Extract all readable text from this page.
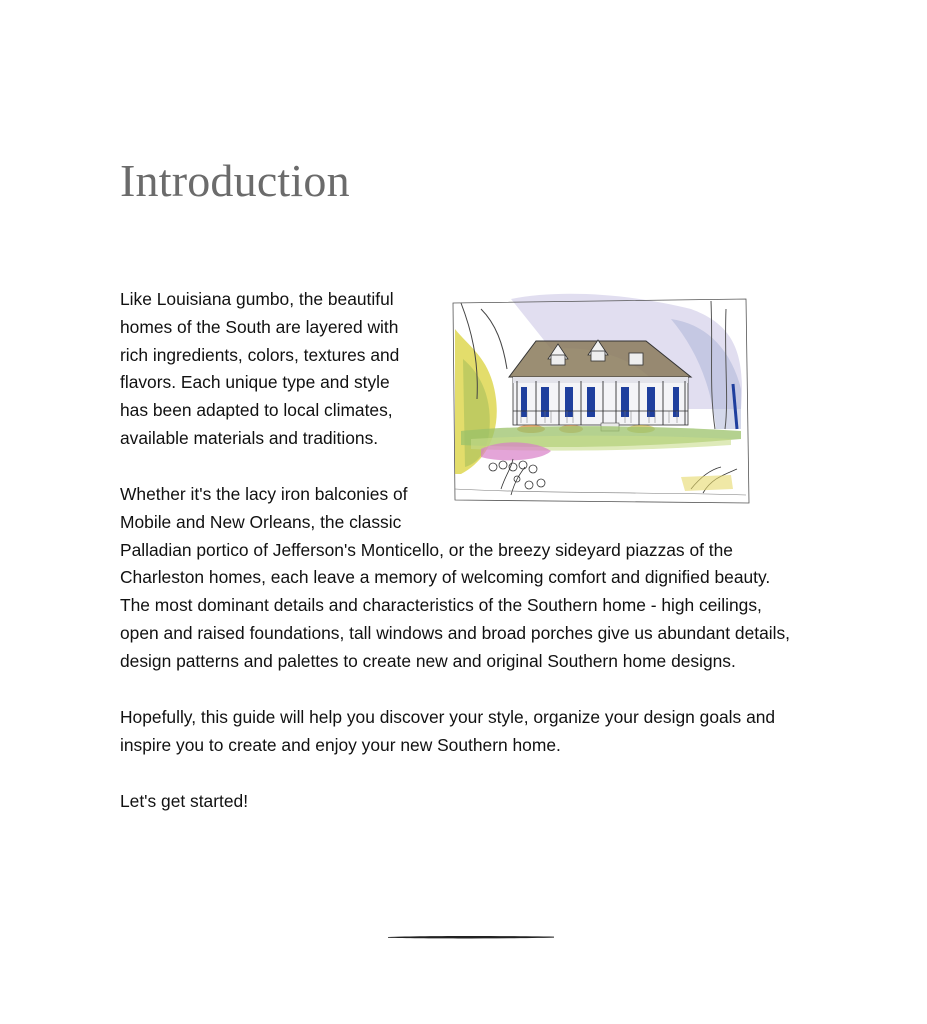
Introduction

Like Louisiana gumbo, the beautiful
homes of the South are layered with
rich ingredients, colors, textures and
flavors. Each unique type and style
has been adapted to local climates,
available materials and traditions.

Whether it's the lacy iron balconies of
Mobile and New Orleans, the classic
Palladian portico of Jefferson's Monticello, or the breezy sideyard piazzas of the
Charleston homes, each leave a memory of welcoming comfort and dignified beauty.
The most dominant details and characteristics of the Southern home - high ceilings,
open and raised foundations, tall windows and broad porches give us abundant details,
design patterns and palettes to create new and original Southern home designs.

Hopefully, this guide will help you discover your style, organize your design goals and
inspire you to create and enjoy your new Southern home.

Let's get started!
